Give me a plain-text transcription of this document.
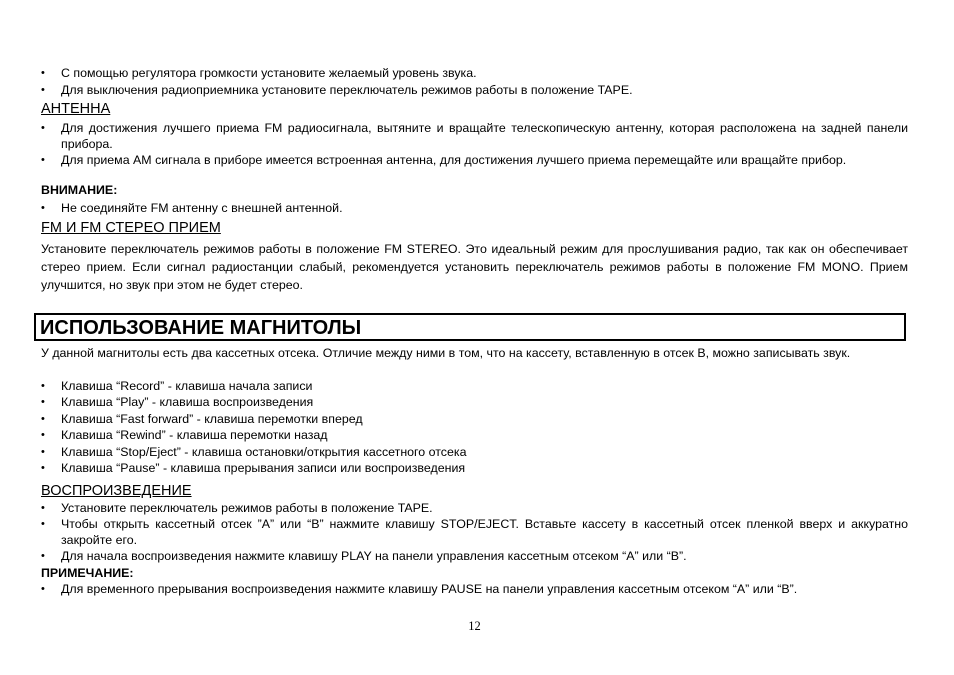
• С помощью регулятора громкости установите желаемый уровень звука.
• Для выключения радиоприемника установите переключатель режимов работы в положение TAPE.
АНТЕННА
• Для достижения лучшего приема FM радиосигнала, вытяните и вращайте телескопическую антенну, которая расположена на задней панели прибора.
• Для приема AM сигнала в приборе имеется встроенная антенна, для достижения лучшего приема перемещайте или вращайте прибор.
ВНИМАНИЕ:
• Не соединяйте FM антенну с внешней антенной.
FM И FM СТЕРЕО ПРИЕМ
Установите переключатель режимов работы в положение FM STEREO. Это идеальный режим для прослушивания радио, так как он обеспечивает стерео прием. Если сигнал радиостанции слабый, рекомендуется установить переключатель режимов работы в положение FM MONO. Прием улучшится, но звук при этом не будет стерео.
ИСПОЛЬЗОВАНИЕ МАГНИТОЛЫ
У данной магнитолы есть два кассетных отсека. Отличие между ними в том, что на кассету, вставленную в отсек B, можно записывать звук.
• Клавиша “Record” - клавиша начала записи
• Клавиша “Play” - клавиша воспроизведения
• Клавиша “Fast forward” - клавиша перемотки вперед
• Клавиша “Rewind” - клавиша перемотки назад
• Клавиша “Stop/Eject” - клавиша остановки/открытия кассетного отсека
• Клавиша “Pause” - клавиша прерывания записи или воспроизведения
ВОСПРОИЗВЕДЕНИЕ
• Установите переключатель режимов работы в положение TAPE.
• Чтобы открыть кассетный отсек ”A” или “B” нажмите клавишу STOP/EJECT. Вставьте кассету в кассетный отсек пленкой вверх и аккуратно закройте его.
• Для начала воспроизведения нажмите клавишу PLAY на панели управления кассетным отсеком “A” или “B”.
ПРИМЕЧАНИЕ:
• Для временного прерывания воспроизведения нажмите клавишу PAUSE на панели управления кассетным отсеком “A” или “B”.
12
